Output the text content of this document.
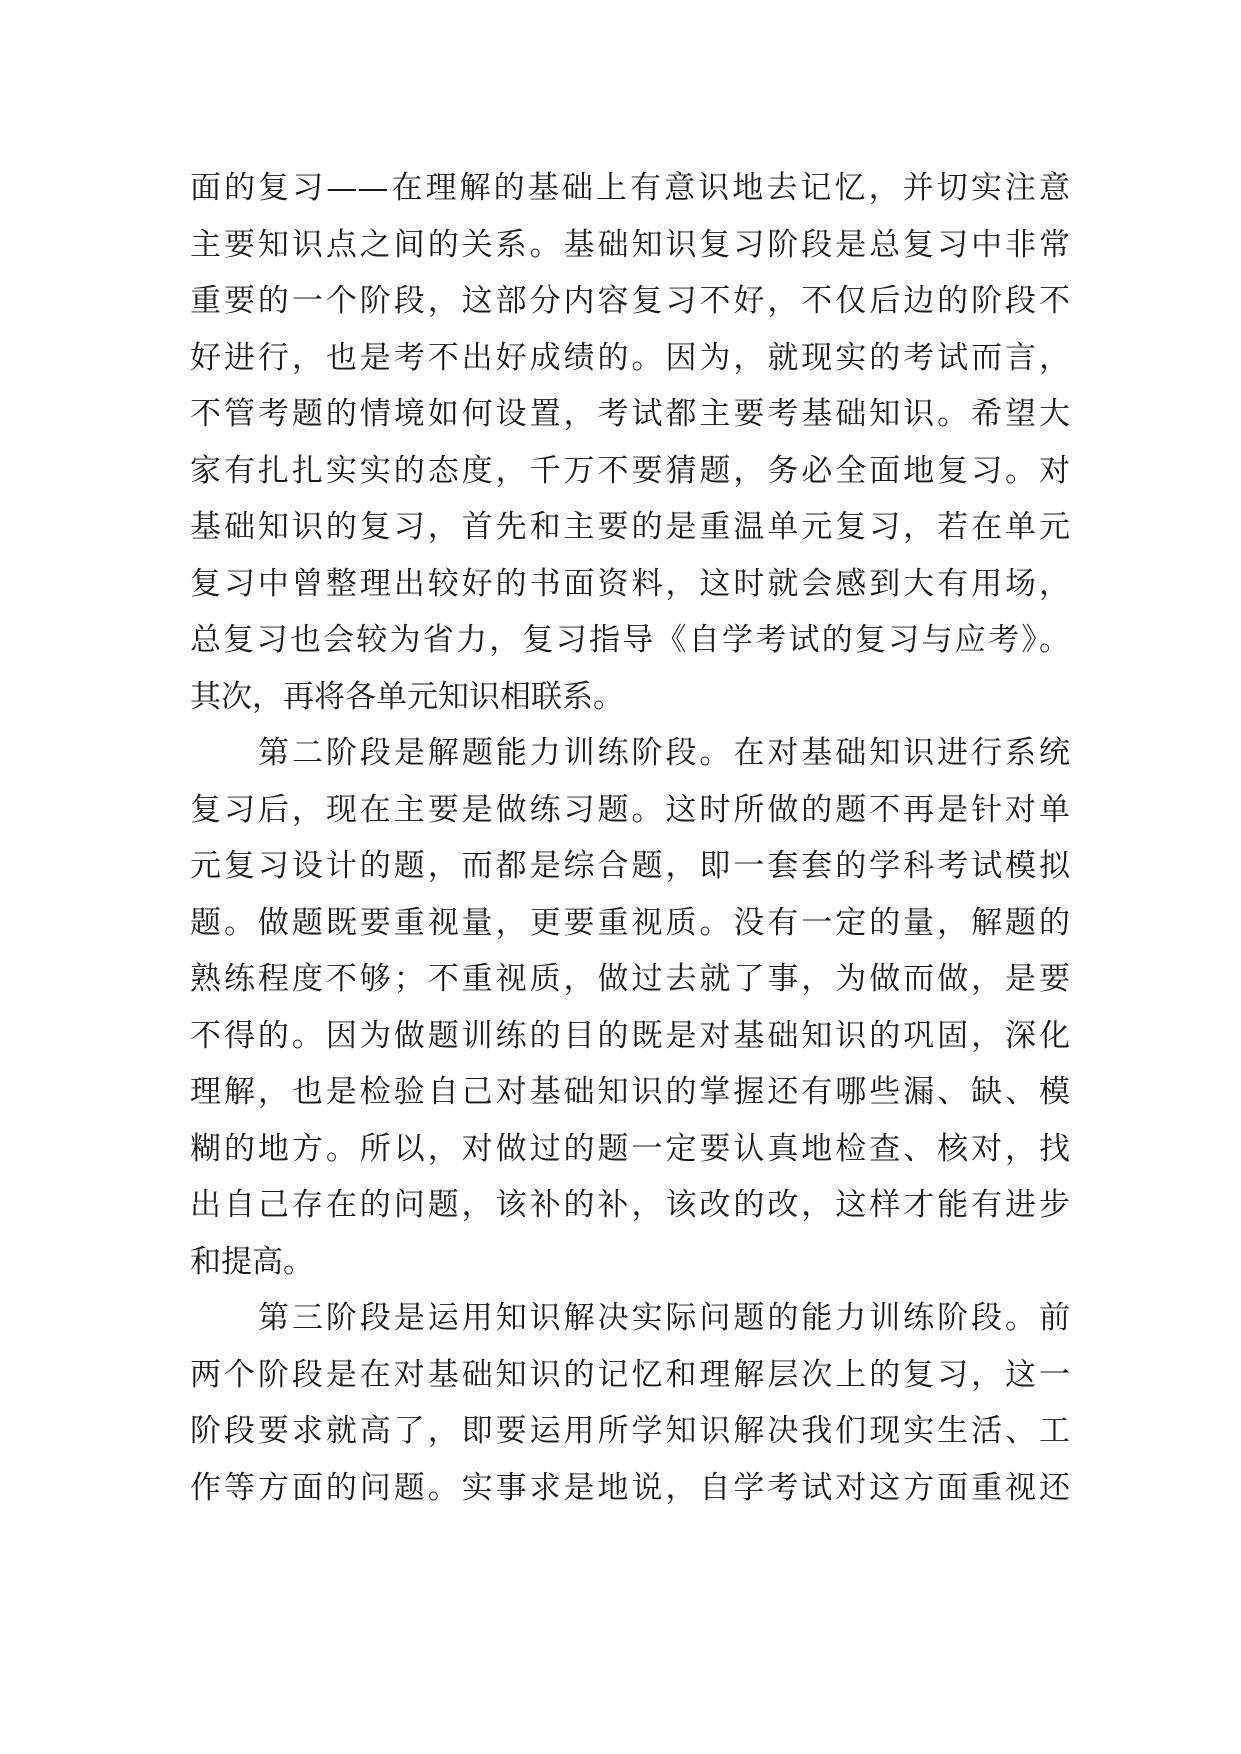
面的复习——在理解的基础上有意识地去记忆，并切实注意
主要知识点之间的关系。基础知识复习阶段是总复习中非常
重要的一个阶段，这部分内容复习不好，不仅后边的阶段不
好进行，也是考不出好成绩的。因为，就现实的考试而言，
不管考题的情境如何设置，考试都主要考基础知识。希望大
家有扎扎实实的态度，千万不要猜题，务必全面地复习。对
基础知识的复习，首先和主要的是重温单元复习，若在单元
复习中曾整理出较好的书面资料，这时就会感到大有用场，
总复习也会较为省力，复习指导《自学考试的复习与应考》。
其次，再将各单元知识相联系。
第二阶段是解题能力训练阶段。在对基础知识进行系统
复习后，现在主要是做练习题。这时所做的题不再是针对单
元复习设计的题，而都是综合题，即一套套的学科考试模拟
题。做题既要重视量，更要重视质。没有一定的量，解题的
熟练程度不够；不重视质，做过去就了事，为做而做，是要
不得的。因为做题训练的目的既是对基础知识的巩固，深化
理解，也是检验自己对基础知识的掌握还有哪些漏、缺、模
糊的地方。所以，对做过的题一定要认真地检查、核对，找
出自己存在的问题，该补的补，该改的改，这样才能有进步
和提高。
第三阶段是运用知识解决实际问题的能力训练阶段。前
两个阶段是在对基础知识的记忆和理解层次上的复习，这一
阶段要求就高了，即要运用所学知识解决我们现实生活、工
作等方面的问题。实事求是地说，自学考试对这方面重视还
